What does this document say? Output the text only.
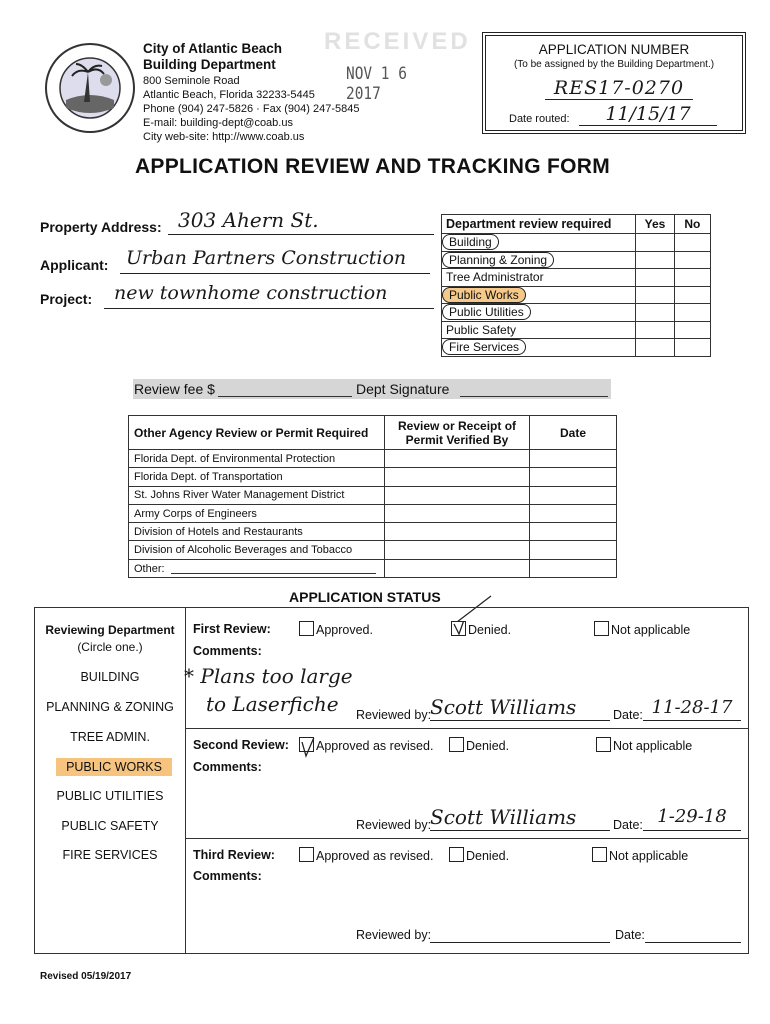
City of Atlantic Beach
Building Department
800 Seminole Road
Atlantic Beach, Florida 32233-5445
Phone (904) 247-5826 · Fax (904) 247-5845
E-mail: building-dept@coab.us
City web-site: http://www.coab.us
RECEIVED
NOV 1 6 2017
APPLICATION NUMBER
(To be assigned by the Building Department.)
RES17-0270
Date routed:	11/15/17
APPLICATION REVIEW AND TRACKING FORM
Property Address: 303 Ahern St.
Applicant: Urban Partners Construction
Project:	new townhome construction
Department review required	Yes	No
Building		
Planning & Zoning		
Tree Administrator		
Public Works		
Public Utilities		
Public Safety		
Fire Services		
Review fee $	Dept Signature
Other Agency Review or Permit Required	Review or Receipt of Permit Verified By	Date
Florida Dept. of Environmental Protection		
Florida Dept. of Transportation		
St. Johns River Water Management District		
Army Corps of Engineers		
Division of Hotels and Restaurants		
Division of Alcoholic Beverages and Tobacco		
Other:		
APPLICATION STATUS
Reviewing Department
(Circle one.)
BUILDING
PLANNING & ZONING
TREE ADMIN.
PUBLIC WORKS
PUBLIC UTILITIES
PUBLIC SAFETY
FIRE SERVICES
First Review:	Approved.	Denied.	Not applicable
Comments:
* Plans too large
to Laserfiche Reviewed by:
Scott Williams	Date: 11-28-17
Second Review:	Approved as revised.	Denied.	Not applicable
Comments:
Reviewed by:
Scott Williams	Date: 1-29-18
Third Review:	Approved as revised.	Denied.	Not applicable
Comments:
Reviewed by:	Date:
Revised 05/19/2017
